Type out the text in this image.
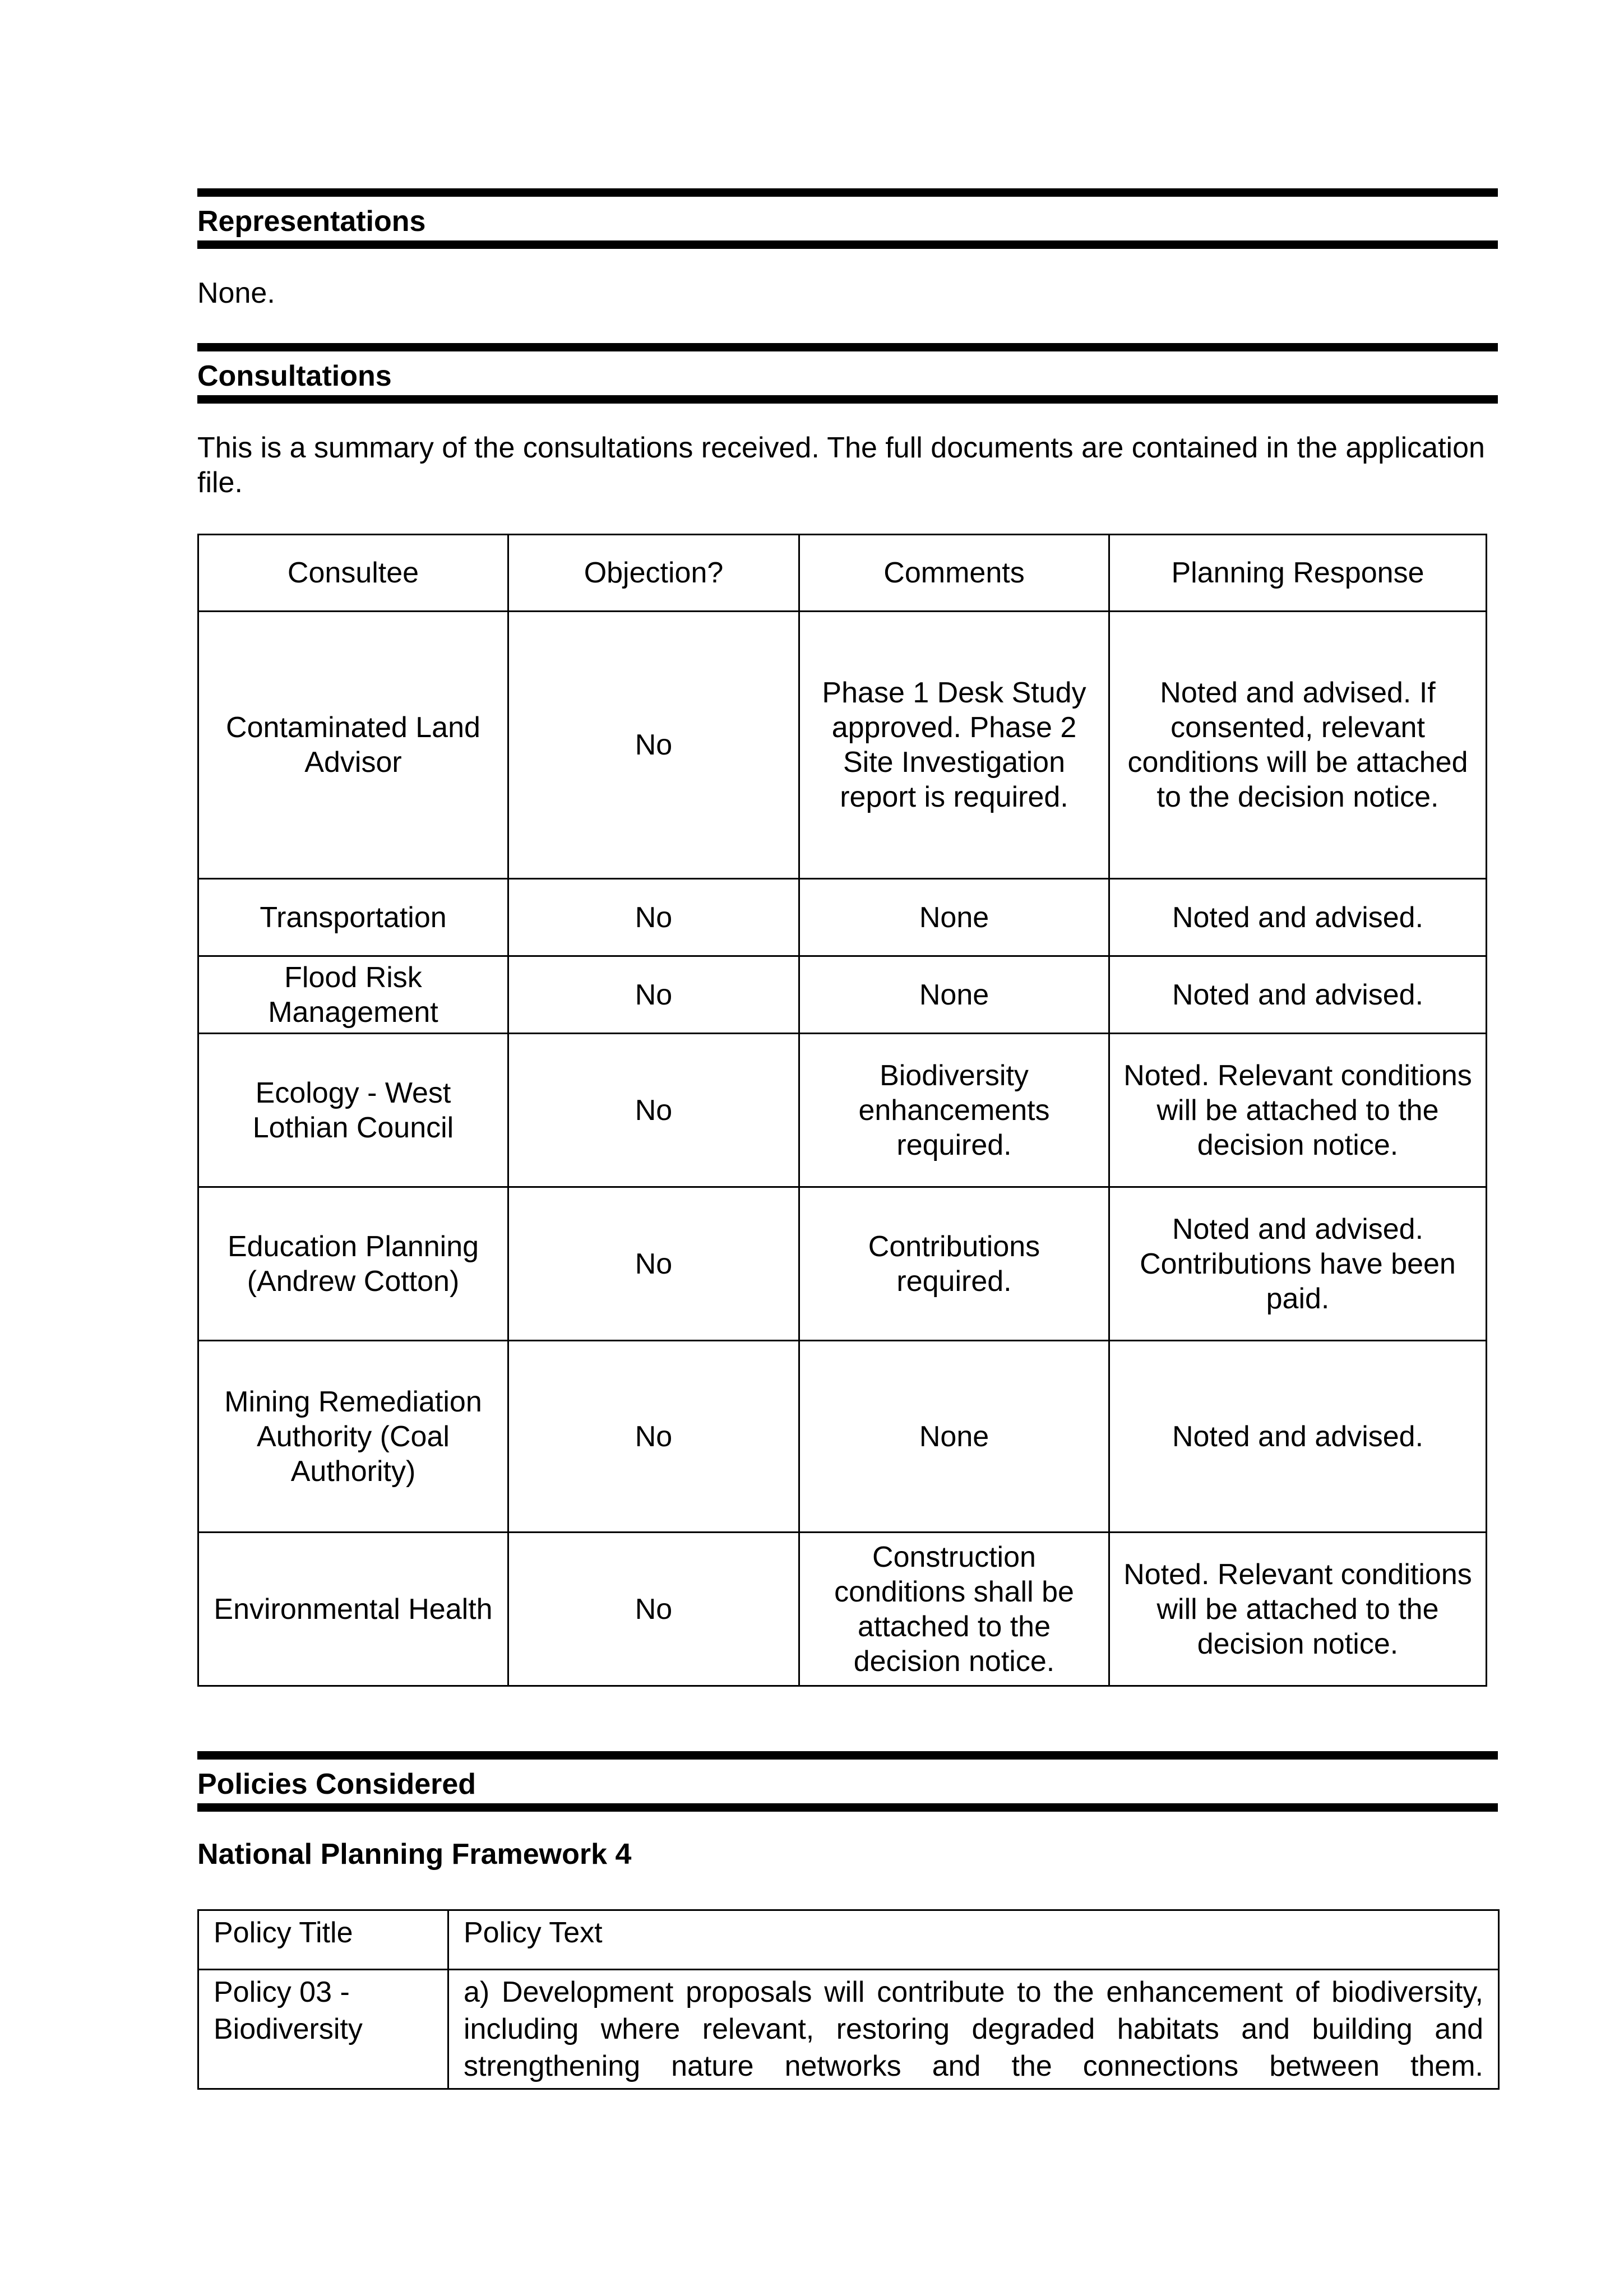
Representations
None.
Consultations
This is a summary of the consultations received. The full documents are contained in the application file.
Consultee	Objection?	Comments	Planning Response
Contaminated Land Advisor	No	Phase 1 Desk Study approved. Phase 2 Site Investigation report is required.	Noted and advised. If consented, relevant conditions will be attached to the decision notice.
Transportation	No	None	Noted and advised.
Flood Risk Management	No	None	Noted and advised.
Ecology - West Lothian Council	No	Biodiversity enhancements required.	Noted. Relevant conditions will be attached to the decision notice.
Education Planning (Andrew Cotton)	No	Contributions required.	Noted and advised. Contributions have been paid.
Mining Remediation Authority (Coal Authority)	No	None	Noted and advised.
Environmental Health	No	Construction conditions shall be attached to the decision notice.	Noted. Relevant conditions will be attached to the decision notice.
Policies Considered
National Planning Framework 4
Policy Title	Policy Text
Policy 03 - Biodiversity	a) Development proposals will contribute to the enhancement of biodiversity, including where relevant, restoring degraded habitats and building and strengthening nature networks and the connections between them.
